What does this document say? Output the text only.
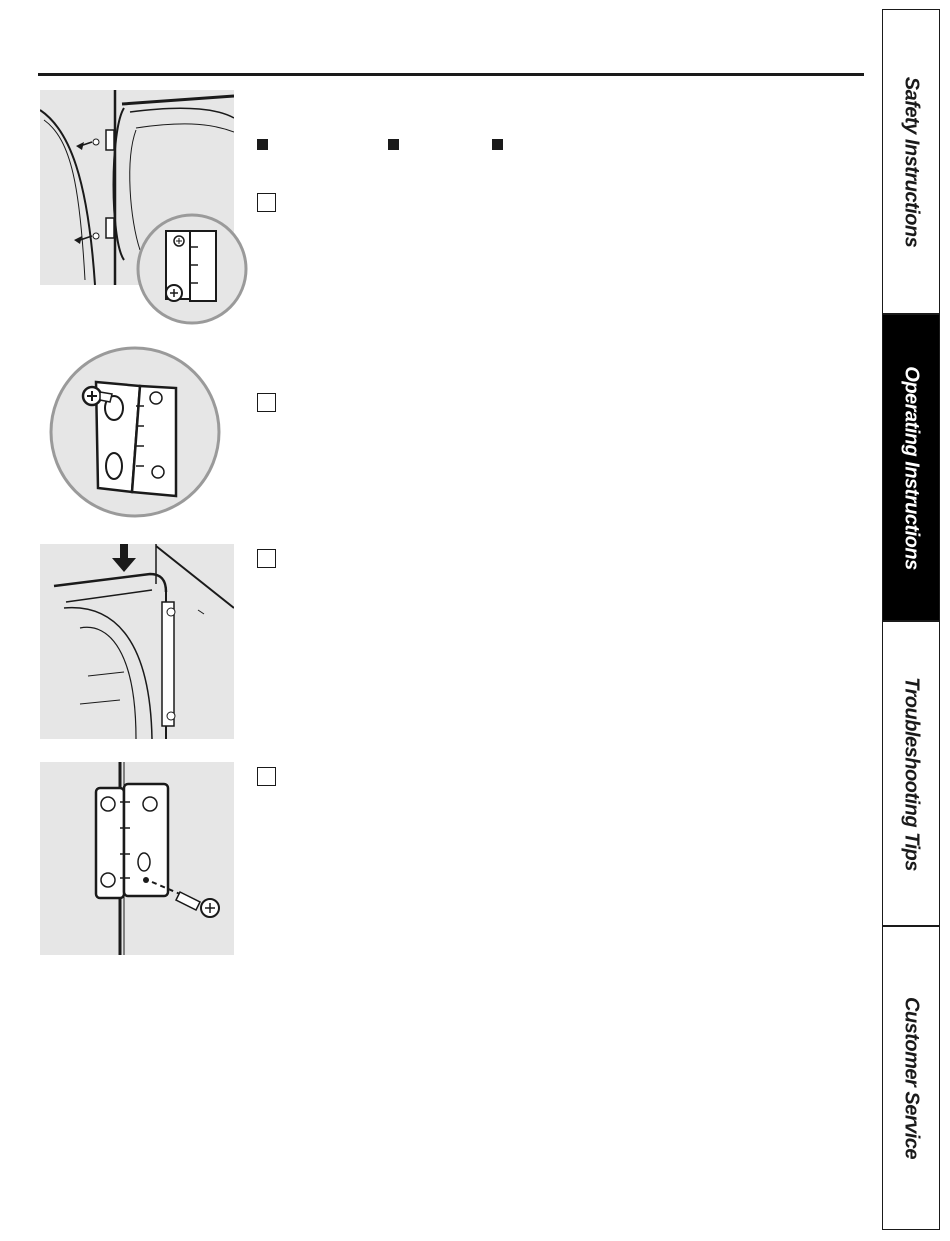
Safety Instructions
Operating Instructions
Troubleshooting Tips
Customer Service
